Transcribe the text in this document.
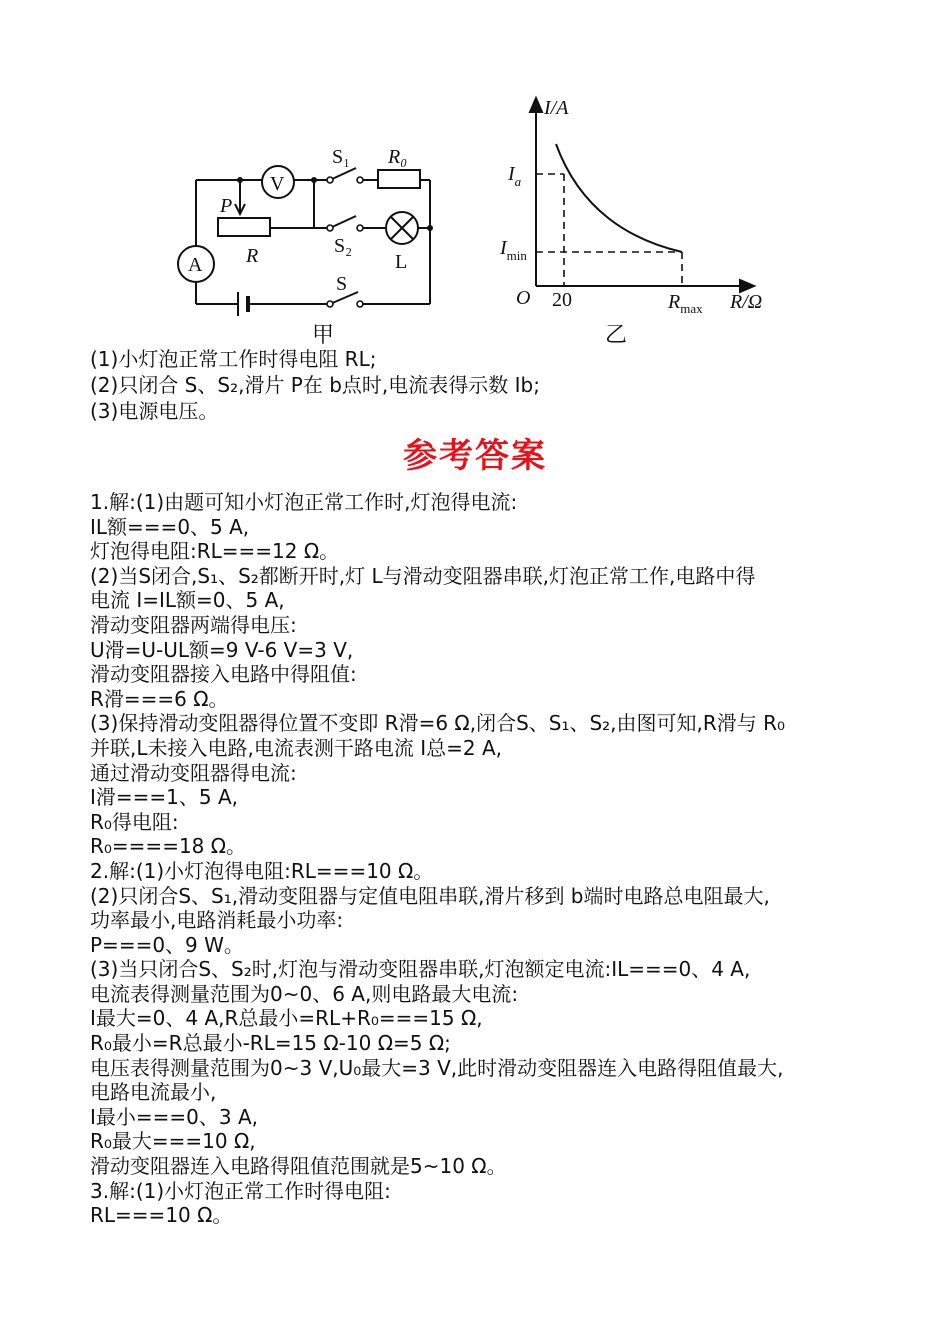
S₁ R₀
V
P
R	S₂
L
A
S
I/A
$I_a$
$I_{min}$
O 20	$R_{max}$ R/Ω
甲	乙
(1)小灯泡正常工作时得电阻 RL;
(2)只闭合 S、S₂,滑片 P在 b点时,电流表得示数 Ib;
(3)电源电压。
参考答案
1.解:(1)由题可知小灯泡正常工作时,灯泡得电流:
IL额===0、5 A,
灯泡得电阻:RL===12 Ω。
(2)当S闭合,S₁、S₂都断开时,灯 L与滑动变阻器串联,灯泡正常工作,电路中得
电流 I=IL额=0、5 A,
滑动变阻器两端得电压:
U滑=U-UL额=9 V-6 V=3 V,
滑动变阻器接入电路中得阻值:
R滑===6 Ω。
(3)保持滑动变阻器得位置不变即 R滑=6 Ω,闭合S、S₁、S₂,由图可知,R滑与 R₀
并联,L未接入电路,电流表测干路电流 I总=2 A,
通过滑动变阻器得电流:
I滑===1、5 A,
R₀得电阻:
R₀====18 Ω。
2.解:(1)小灯泡得电阻:RL===10 Ω。
(2)只闭合S、S₁,滑动变阻器与定值电阻串联,滑片移到 b端时电路总电阻最大,
功率最小,电路消耗最小功率:
P===0、9 W。
(3)当只闭合S、S₂时,灯泡与滑动变阻器串联,灯泡额定电流:IL===0、4 A,
电流表得测量范围为0~0、6 A,则电路最大电流:
I最大=0、4 A,R总最小=RL+R₀===15 Ω,
R₀最小=R总最小-RL=15 Ω-10 Ω=5 Ω;
电压表得测量范围为0~3 V,U₀最大=3 V,此时滑动变阻器连入电路得阻值最大,
电路电流最小,
I最小===0、3 A,
R₀最大===10 Ω,
滑动变阻器连入电路得阻值范围就是5~10 Ω。
3.解:(1)小灯泡正常工作时得电阻:
RL===10 Ω。
